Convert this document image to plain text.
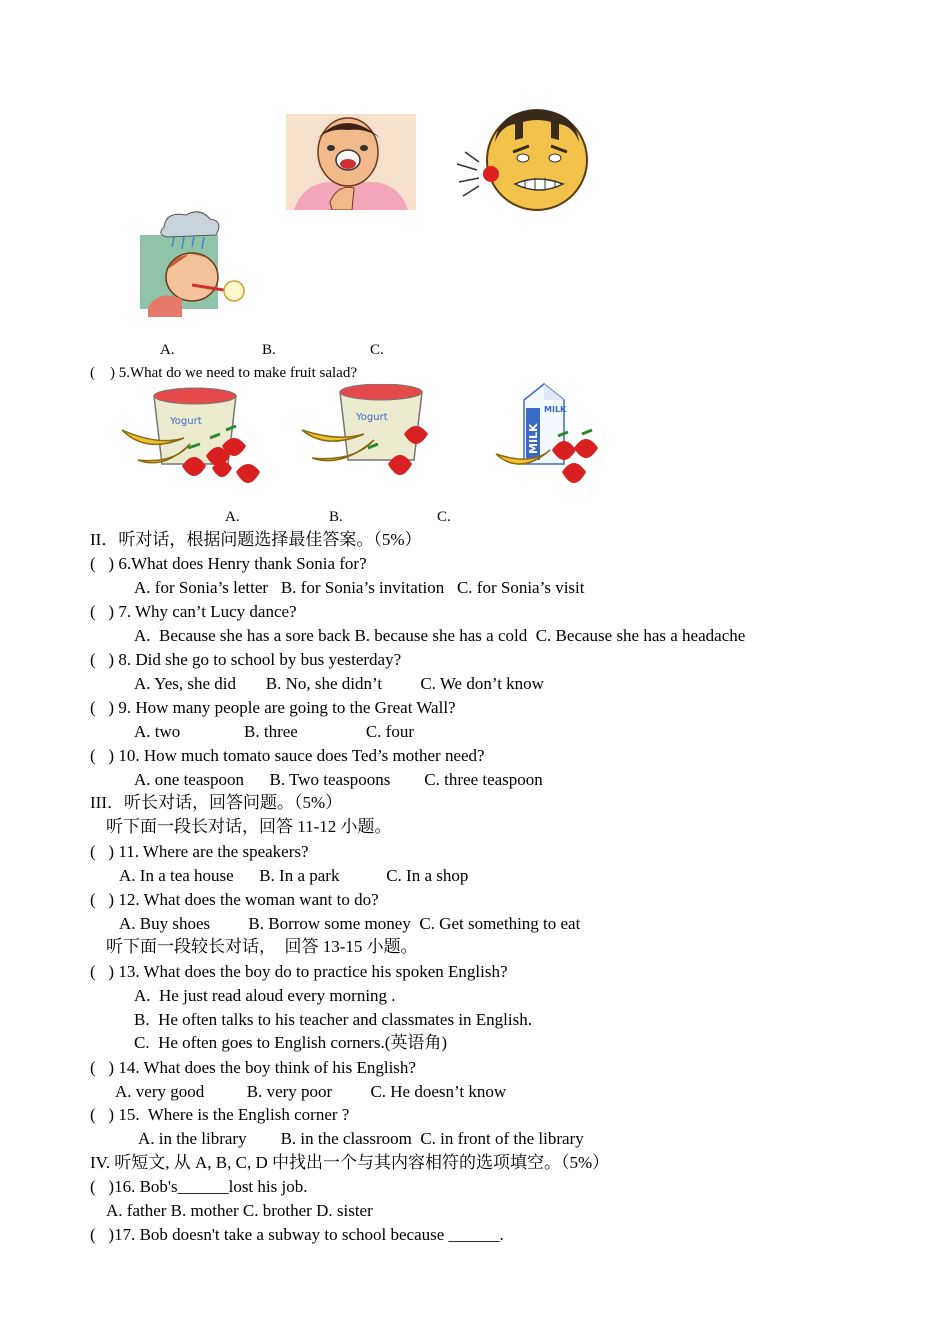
A.	B.	C.
(    ) 5.What do we need to make fruit salad?
Yogurt	Yogurt
MILK
MILK
A.	B.	C.
II．听对话，根据问题选择最佳答案。（5%）
(   ) 6.What does Henry thank Sonia for?
A. for Sonia’s letter   B. for Sonia’s invitation   C. for Sonia’s visit
(   ) 7. Why can’t Lucy dance?
A.  Because she has a sore back B. because she has a cold  C. Because she has a headache
(   ) 8. Did she go to school by bus yesterday?
A. Yes, she did       B. No, she didn’t         C. We don’t know
(   ) 9. How many people are going to the Great Wall?
A. two               B. three                C. four
(   ) 10. How much tomato sauce does Ted’s mother need?
A. one teaspoon      B. Two teaspoons        C. three teaspoon
III．听长对话，回答问题。（5%）
听下面一段长对话，回答 11-12 小题。
(   ) 11. Where are the speakers?
A. In a tea house      B. In a park           C. In a shop
(   ) 12. What does the woman want to do?
A. Buy shoes         B. Borrow some money  C. Get something to eat
听下面一段较长对话，  回答 13-15 小题。
(   ) 13. What does the boy do to practice his spoken English?
A.  He just read aloud every morning .
B.  He often talks to his teacher and classmates in English.
C.  He often goes to English corners.(英语角)
(   ) 14. What does the boy think of his English?
A. very good          B. very poor         C. He doesn’t know
(   ) 15.  Where is the English corner ?
A. in the library        B. in the classroom  C. in front of the library
IV. 听短文, 从 A, B, C, D 中找出一个与其内容相符的选项填空。（5%）
(   )16. Bob's______lost his job.
A. father B. mother C. brother D. sister
(   )17. Bob doesn't take a subway to school because ______.
